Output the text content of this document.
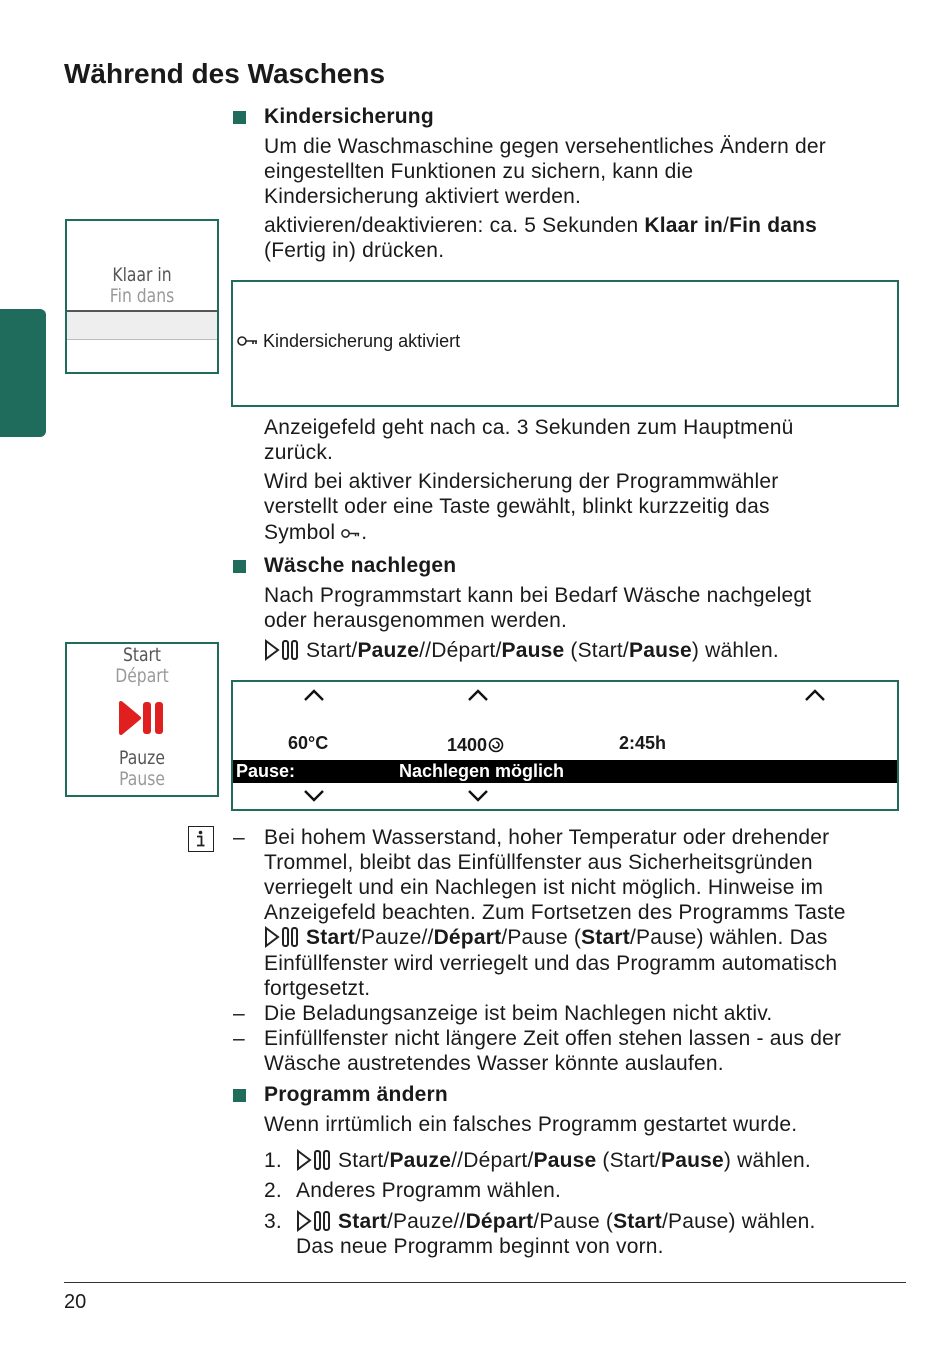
Während des Waschens
Kindersicherung
Um die Waschmaschine gegen versehentliches Ändern der
eingestellten Funktionen zu sichern, kann die
Kindersicherung aktiviert werden.
aktivieren/deaktivieren: ca. 5 Sekunden Klaar in/Fin dans
(Fertig in) drücken.
Klaar in
Fin dans
Kindersicherung aktiviert
Anzeigefeld geht nach ca. 3 Sekunden zum Hauptmenü
zurück.
Wird bei aktiver Kindersicherung der Programmwähler
verstellt oder eine Taste gewählt, blinkt kurzzeitig das
Symbol .
Wäsche nachlegen
Nach Programmstart kann bei Bedarf Wäsche nachgelegt
oder herausgenommen werden.
Start/Pauze//Départ/Pause (Start/Pause) wählen.
Start
Départ
Pauze
Pause
60°C	1400	2:45h
Pause:	Nachlegen möglich
– Bei hohem Wasserstand, hoher Temperatur oder drehender
Trommel, bleibt das Einfüllfenster aus Sicherheitsgründen
verriegelt und ein Nachlegen ist nicht möglich. Hinweise im
Anzeigefeld beachten. Zum Fortsetzen des Programms Taste
Start/Pauze//Départ/Pause (Start/Pause) wählen. Das
Einfüllfenster wird verriegelt und das Programm automatisch
fortgesetzt.
– Die Beladungsanzeige ist beim Nachlegen nicht aktiv.
– Einfüllfenster nicht längere Zeit offen stehen lassen - aus der
Wäsche austretendes Wasser könnte auslaufen.
Programm ändern
Wenn irrtümlich ein falsches Programm gestartet wurde.
1.	Start/Pauze//Départ/Pause (Start/Pause) wählen.
2. Anderes Programm wählen.
3.	Start/Pauze//Départ/Pause (Start/Pause) wählen.
Das neue Programm beginnt von vorn.
20
